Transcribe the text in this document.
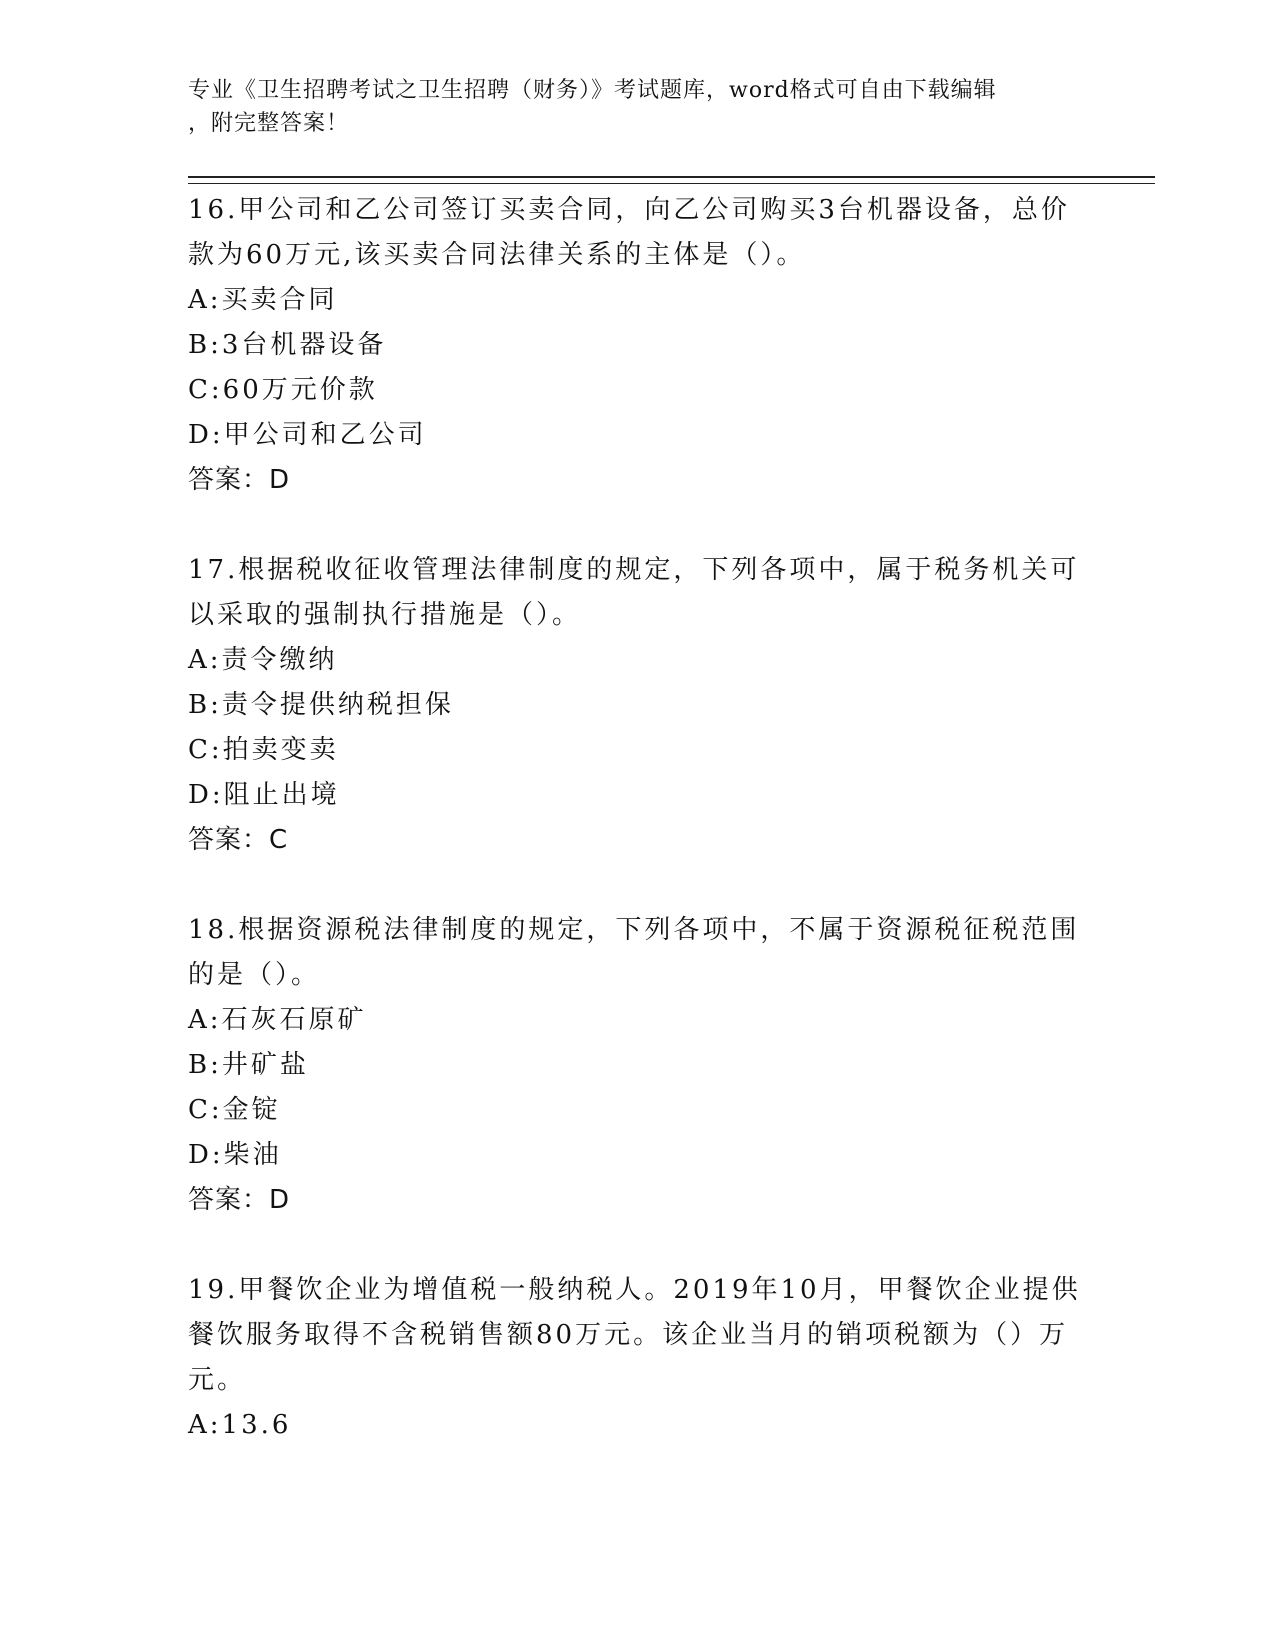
专业《卫生招聘考试之卫生招聘（财务）》考试题库，word格式可自由下载编辑
，附完整答案！
16.甲公司和乙公司签订买卖合同，向乙公司购买3台机器设备，总价款为60万元,该买卖合同法律关系的主体是（）。
A:买卖合同
B:3台机器设备
C:60万元价款
D:甲公司和乙公司
答案：D
17.根据税收征收管理法律制度的规定，下列各项中，属于税务机关可以采取的强制执行措施是（）。
A:责令缴纳
B:责令提供纳税担保
C:拍卖变卖
D:阻止出境
答案：C
18.根据资源税法律制度的规定，下列各项中，不属于资源税征税范围的是（）。
A:石灰石原矿
B:井矿盐
C:金锭
D:柴油
答案：D
19.甲餐饮企业为增值税一般纳税人。2019年10月，甲餐饮企业提供餐饮服务取得不含税销售额80万元。该企业当月的销项税额为（）万元。
A:13.6
